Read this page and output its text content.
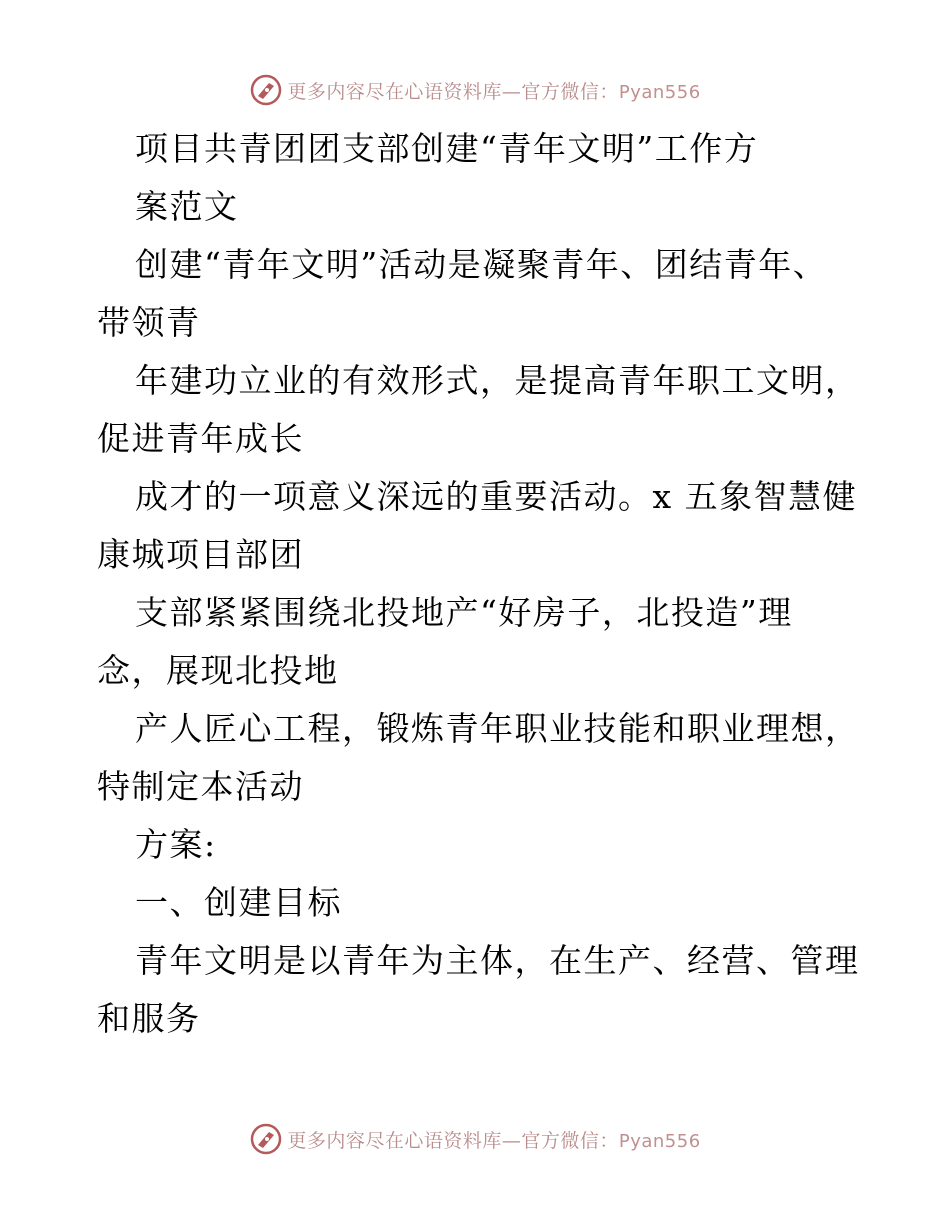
更多内容尽在心语资料库—官方微信：Pyan556
项目共青团团支部创建“青年文明”工作方
案范文
创建“青年文明”活动是凝聚青年、团结青年、
带领青
年建功立业的有效形式，是提高青年职工文明，
促进青年成长
成才的一项意义深远的重要活动。x 五象智慧健
康城项目部团
支部紧紧围绕北投地产“好房子，北投造”理
念，展现北投地
产人匠心工程，锻炼青年职业技能和职业理想，
特制定本活动
方案:
一、创建目标
青年文明是以青年为主体，在生产、经营、管理
和服务
更多内容尽在心语资料库—官方微信：Pyan556
